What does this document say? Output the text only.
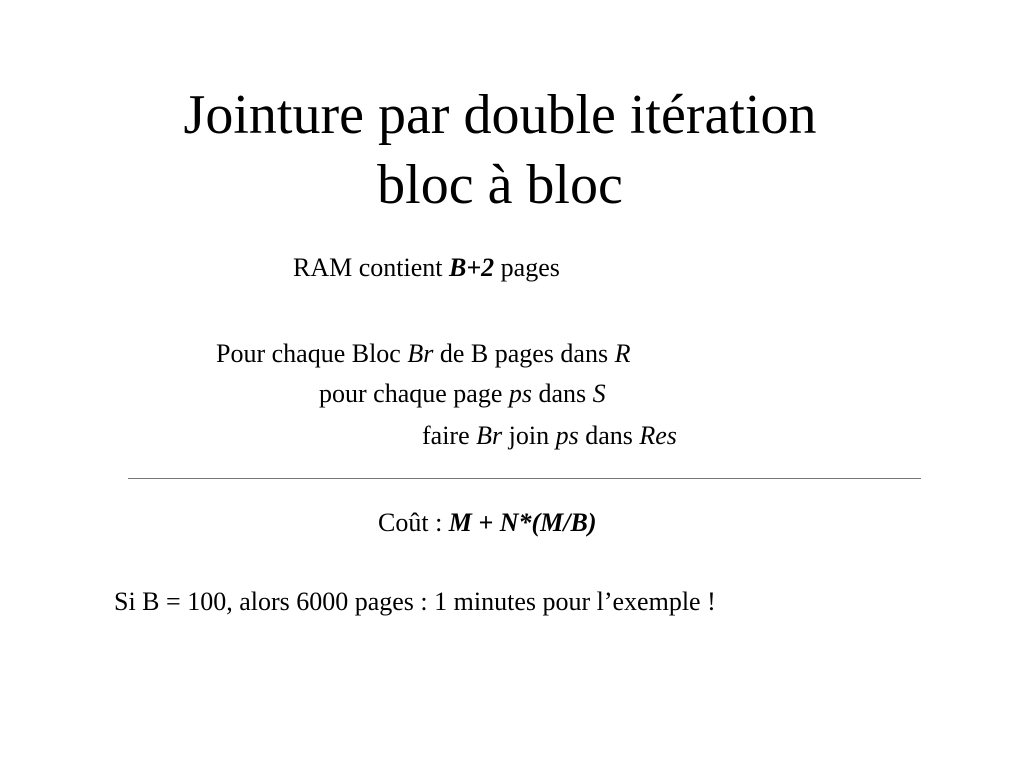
Jointure par double itération
bloc à bloc
RAM contient B+2 pages
Pour chaque Bloc Br de B pages dans R
pour chaque page ps dans S
faire Br join ps dans Res
Coût : M + N*(M/B)
Si B = 100, alors 6000 pages : 1 minutes pour l’exemple !
